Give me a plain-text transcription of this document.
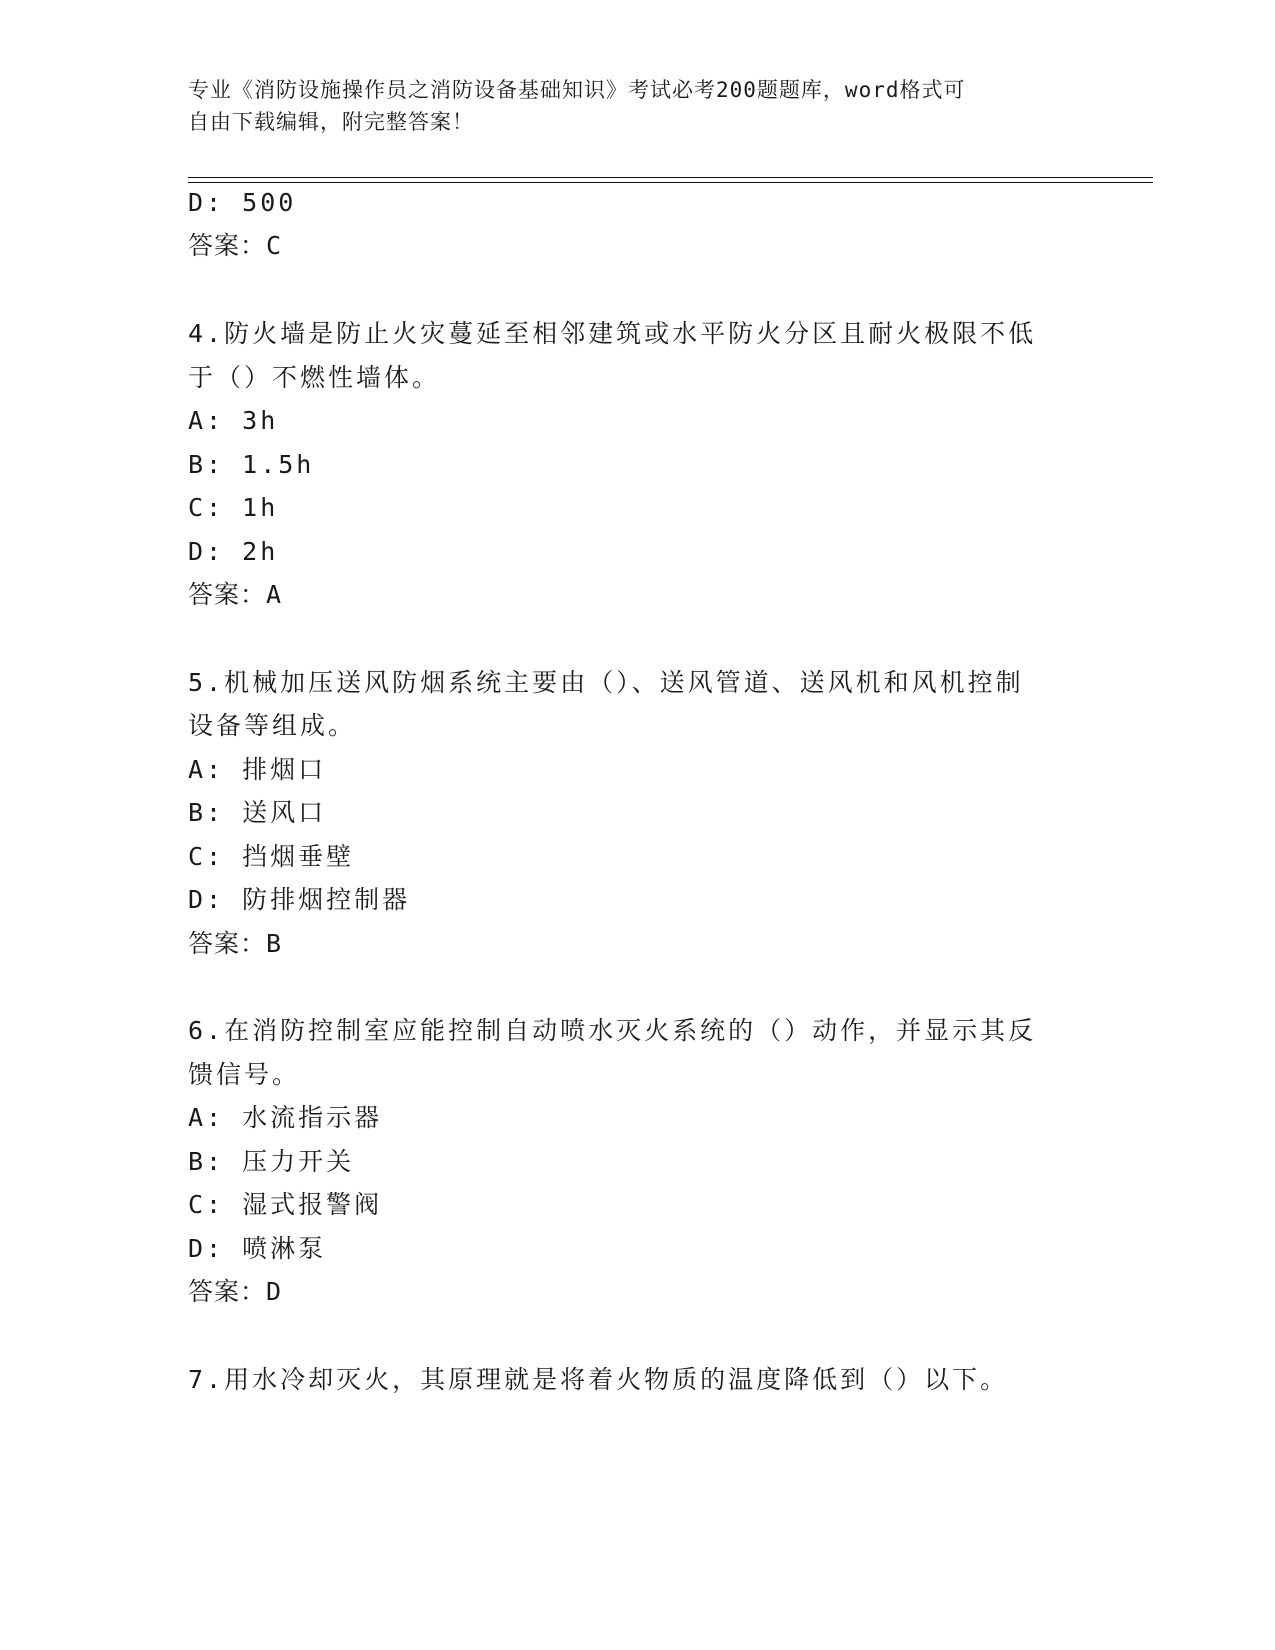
专业《消防设施操作员之消防设备基础知识》考试必考200题题库，word格式可
自由下载编辑，附完整答案！
D: 500
答案：C
4.防火墙是防止火灾蔓延至相邻建筑或水平防火分区且耐火极限不低
于（）不燃性墙体。
A: 3h
B: 1.5h
C: 1h
D: 2h
答案：A
5.机械加压送风防烟系统主要由（）、送风管道、送风机和风机控制
设备等组成。
A: 排烟口
B: 送风口
C: 挡烟垂壁
D: 防排烟控制器
答案：B
6.在消防控制室应能控制自动喷水灭火系统的（）动作，并显示其反
馈信号。
A: 水流指示器
B: 压力开关
C: 湿式报警阀
D: 喷淋泵
答案：D
7.用水冷却灭火，其原理就是将着火物质的温度降低到（）以下。
